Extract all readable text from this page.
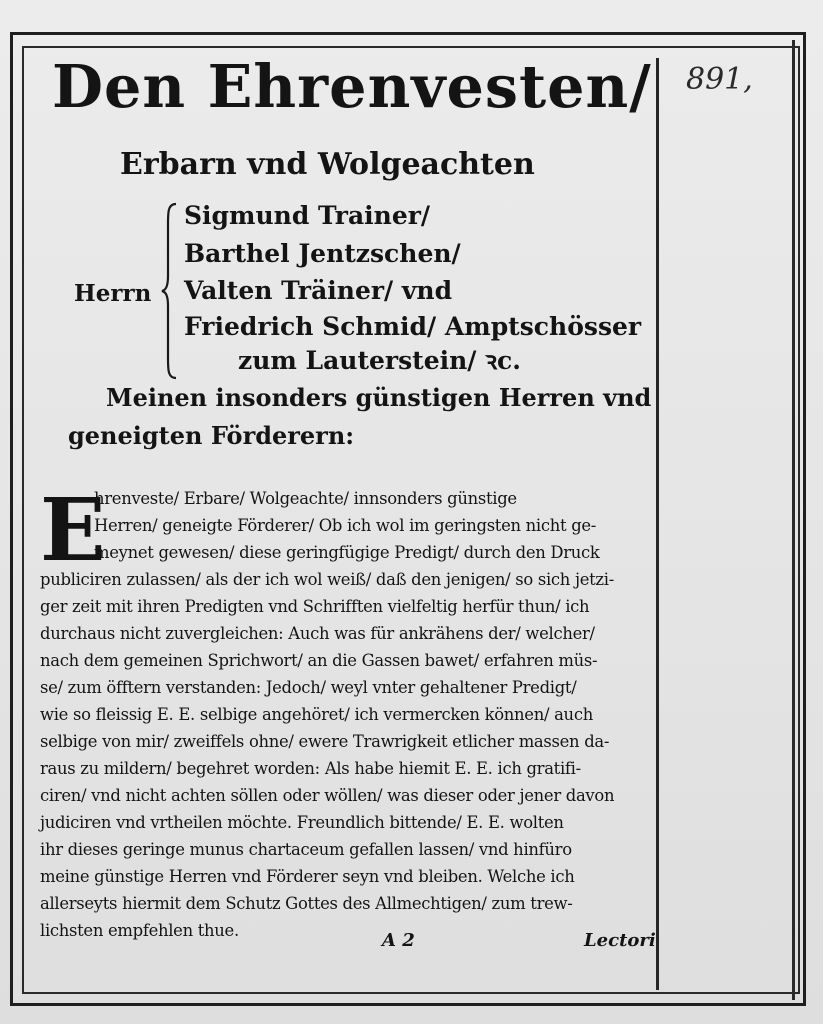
891,
Den Ehrenvesten/
Erbarn vnd Wolgeachten
Herrn
Sigmund Trainer/
Barthel Jentzschen/
Valten Träiner/ vnd
Friedrich Schmid/ Amptschösser
zum Lauterstein/ ꝛc.
Meinen insonders günstigen Herren vnd
geneigten Förderern:
E
hrenveste/ Erbare/ Wolgeachte/ innsonders günstige
Herren/ geneigte Förderer/ Ob ich wol im geringsten nicht ge-
meynet gewesen/ diese geringfügige Predigt/ durch den Druck
publiciren zulassen/ als der ich wol weiß/ daß den jenigen/ so sich jetzi-
ger zeit mit ihren Predigten vnd Schrifften vielfeltig herfür thun/ ich
durchaus nicht zuvergleichen: Auch was für ankrähens der/ welcher/
nach dem gemeinen Sprichwort/ an die Gassen bawet/ erfahren müs-
se/ zum öfftern verstanden: Jedoch/ weyl vnter gehaltener Predigt/
wie so fleissig E. E. selbige angehöret/ ich vermercken können/ auch
selbige von mir/ zweiffels ohne/ ewere Trawrigkeit etlicher massen da-
raus zu mildern/ begehret worden: Als habe hiemit E. E. ich gratifi-
ciren/ vnd nicht achten söllen oder wöllen/ was dieser oder jener davon
judiciren vnd vrtheilen möchte. Freundlich bittende/ E. E. wolten
ihr dieses geringe munus chartaceum gefallen lassen/ vnd hinfüro
meine günstige Herren vnd Förderer seyn vnd bleiben. Welche ich
allerseyts hiermit dem Schutz Gottes des Allmechtigen/ zum trew-
lichsten empfehlen thue.	A 2	Lectori
